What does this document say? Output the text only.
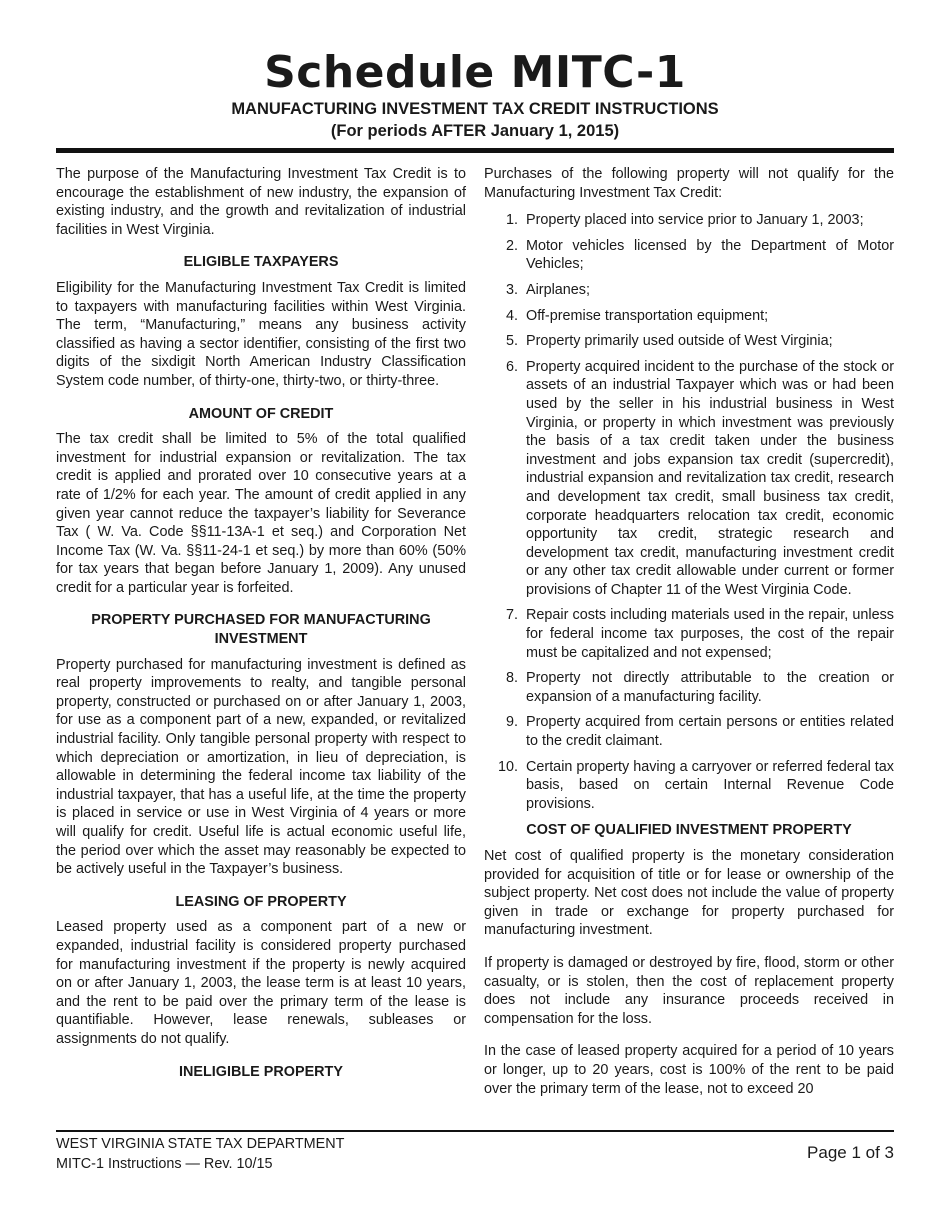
Schedule MITC-1
MANUFACTURING INVESTMENT TAX CREDIT INSTRUCTIONS
(For periods AFTER January 1, 2015)

The purpose of the Manufacturing Investment Tax Credit is to encourage the establishment of new industry, the expansion of existing industry, and the growth and revitalization of industrial facilities in West Virginia.

ELIGIBLE TAXPAYERS

Eligibility for the Manufacturing Investment Tax Credit is limited to taxpayers with manufacturing facilities within West Virginia. The term, “Manufacturing,” means any business activity classified as having a sector identifier, consisting of the first two digits of the sixdigit North American Industry Classification System code number, of thirty-one, thirty-two, or thirty-three.

AMOUNT OF CREDIT

The tax credit shall be limited to 5% of the total qualified investment for industrial expansion or revitalization. The tax credit is applied and prorated over 10 consecutive years at a rate of 1/2% for each year. The amount of credit applied in any given year cannot reduce the taxpayer’s liability for Severance Tax ( W. Va. Code §§11-13A-1 et seq.) and Corporation Net Income Tax (W. Va. §§11-24-1 et seq.) by more than 60% (50% for tax years that began before January 1, 2009). Any unused credit for a particular year is forfeited.

PROPERTY PURCHASED FOR MANUFACTURING INVESTMENT

Property purchased for manufacturing investment is defined as real property improvements to realty, and tangible personal property, constructed or purchased on or after January 1, 2003, for use as a component part of a new, expanded, or revitalized industrial facility. Only tangible personal property with respect to which depreciation or amortization, in lieu of depreciation, is allowable in determining the federal income tax liability of the industrial taxpayer, that has a useful life, at the time the property is placed in service or use in West Virginia of 4 years or more will qualify for credit. Useful life is actual economic useful life, the period over which the asset may reasonably be expected to be actively useful in the Taxpayer’s business.

LEASING OF PROPERTY

Leased property used as a component part of a new or expanded, industrial facility is considered property purchased for manufacturing investment if the property is newly acquired on or after January 1, 2003, the lease term is at least 10 years, and the rent to be paid over the primary term of the lease is quantifiable. However, lease renewals, subleases or assignments do not qualify.

INELIGIBLE PROPERTY

Purchases of the following property will not qualify for the Manufacturing Investment Tax Credit:

1. Property placed into service prior to January 1, 2003;
2. Motor vehicles licensed by the Department of Motor Vehicles;
3. Airplanes;
4. Off-premise transportation equipment;
5. Property primarily used outside of West Virginia;
6. Property acquired incident to the purchase of the stock or assets of an industrial Taxpayer which was or had been used by the seller in his industrial business in West Virginia, or property in which investment was previously the basis of a tax credit taken under the business investment and jobs expansion tax credit (supercredit), industrial expansion and revitalization tax credit, research and development tax credit, small business tax credit, corporate headquarters relocation tax credit, economic opportunity tax credit, strategic research and development tax credit, manufacturing investment credit or any other tax credit allowable under current or former provisions of Chapter 11 of the West Virginia Code.
7. Repair costs including materials used in the repair, unless for federal income tax purposes, the cost of the repair must be capitalized and not expensed;
8. Property not directly attributable to the creation or expansion of a manufacturing facility.
9. Property acquired from certain persons or entities related to the credit claimant.
10. Certain property having a carryover or referred federal tax basis, based on certain Internal Revenue Code provisions.
COST OF QUALIFIED INVESTMENT PROPERTY

Net cost of qualified property is the monetary consideration provided for acquisition of title or for lease or ownership of the subject property. Net cost does not include the value of property given in trade or exchange for property purchased for manufacturing investment.

If property is damaged or destroyed by fire, flood, storm or other casualty, or is stolen, then the cost of replacement property does not include any insurance proceeds received in compensation for the loss.

In the case of leased property acquired for a period of 10 years or longer, up to 20 years, cost is 100% of the rent to be paid over the primary term of the lease, not to exceed 20

WEST VIRGINIA STATE TAX DEPARTMENT
MITC-1 Instructions — Rev. 10/15
Page 1 of 3
